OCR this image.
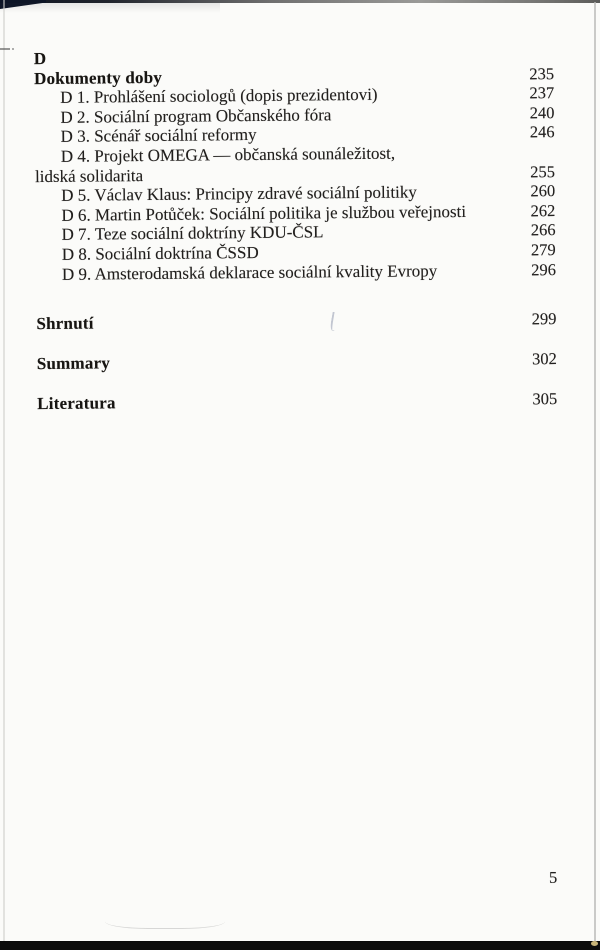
D
Dokumenty doby	235
D 1. Prohlášení sociologů (dopis prezidentovi)	237
D 2. Sociální program Občanského fóra	240
D 3. Scénář sociální reformy	246
D 4. Projekt OMEGA — občanská sounáležitost,
lidská solidarita	255
D 5. Václav Klaus: Principy zdravé sociální politiky	260
D 6. Martin Potůček: Sociální politika je službou veřejnosti	262
D 7. Teze sociální doktríny KDU-ČSL	266
D 8. Sociální doktrína ČSSD	279
D 9. Amsterodamská deklarace sociální kvality Evropy	296
Shrnutí	299
Summary	302
Literatura	305
5
